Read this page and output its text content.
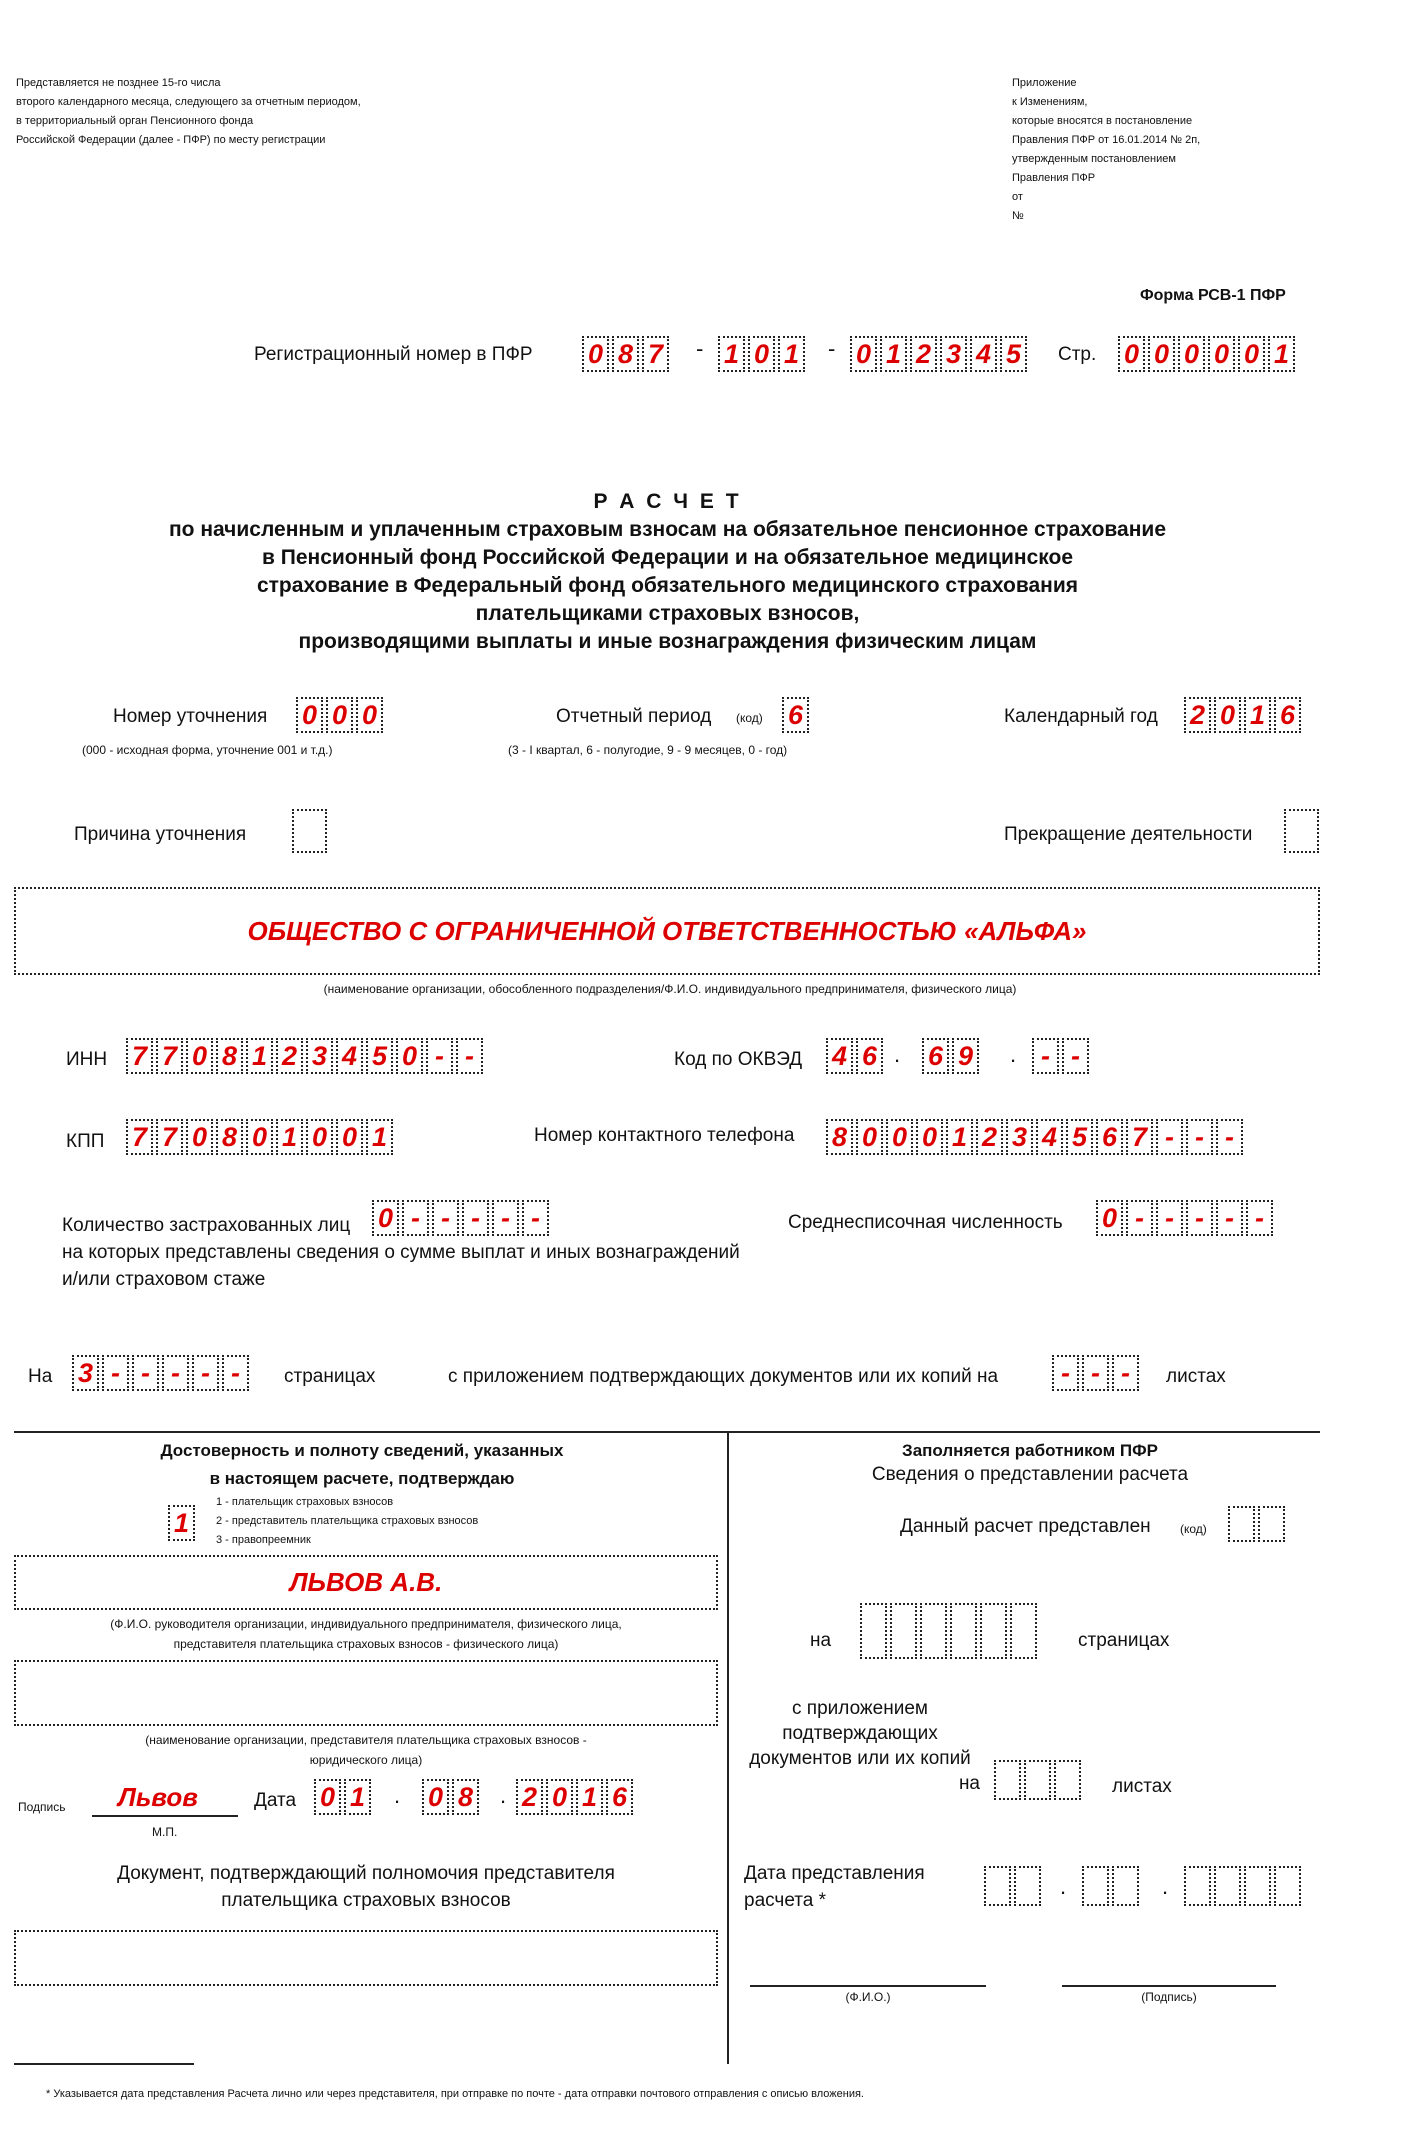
Представляется не позднее 15-го числа
второго календарного месяца, следующего за отчетным периодом,
в территориальный орган Пенсионного фонда
Российской Федерации (далее - ПФР) по месту регистрации
Приложение
к Изменениям,
которые вносятся в постановление
Правления ПФР от 16.01.2014 № 2п,
утвержденным постановлением
Правления ПФР
от
№
Форма РСВ-1 ПФР
Регистрационный номер в ПФР 0 8 7 - 1 0 1 - 0 1 2 3 4 5	Стр. 0 0 0 0 0 1
Р А С Ч Е Т
по начисленным и уплаченным страховым взносам на обязательное пенсионное страхование
в Пенсионный фонд Российской Федерации и на обязательное медицинское
страхование в Федеральный фонд обязательного медицинского страхования
плательщиками страховых взносов,
производящими выплаты и иные вознаграждения физическим лицам
Номер уточнения 0 0 0
(000 - исходная форма, уточнение 001 и т.д.)
Отчетный период (код) 6
(3 - I квартал, 6 - полугодие, 9 - 9 месяцев, 0 - год)
Календарный год 2 0 1 6
Причина уточнения	Прекращение деятельности
ОБЩЕСТВО С ОГРАНИЧЕННОЙ ОТВЕТСТВЕННОСТЬЮ «АЛЬФА»
(наименование организации, обособленного подразделения/Ф.И.О. индивидуального предпринимателя, физического лица)
ИНН 7 7 0 8 1 2 3 4 5 0 - -	Код по ОКВЭД 4 6 . 6 9 . - -
КПП 7 7 0 8 0 1 0 0 1	Номер контактного телефона 8 0 0 0 1 2 3 4 5 6 7 - - -
Количество застрахованных лиц
на которых представлены сведения о сумме выплат и иных вознаграждений
и/или страховом стаже
0 - - - - -	Среднесписочная численность 0 - - - - -
На 3 - - - - -	страницах	с приложением подтверждающих документов или их копий на	- - -	листах
Достоверность и полноту сведений, указанных
в настоящем расчете, подтверждаю
1
1 - плательщик страховых взносов
2 - представитель плательщика страховых взносов
3 - правопреемник
ЛЬВОВ А.В.
(Ф.И.О. руководителя организации, индивидуального предпринимателя, физического лица,
представителя плательщика страховых взносов - физического лица)
(наименование организации, представителя плательщика страховых взносов -
юридического лица)
Подпись Львов
М.П.
Дата 0 1 . 0 8 . 2 0 1 6
Документ, подтверждающий полномочия представителя
плательщика страховых взносов
Заполняется работником ПФР
Сведения о представлении расчета
Данный расчет представлен (код)
на	страницах
с приложением
подтверждающих
документов или их копий
на	листах
Дата представления
расчета *
.	.
(Ф.И.О.)	(Подпись)
* Указывается дата представления Расчета лично или через представителя, при отправке по почте - дата отправки почтового отправления с описью вложения.
